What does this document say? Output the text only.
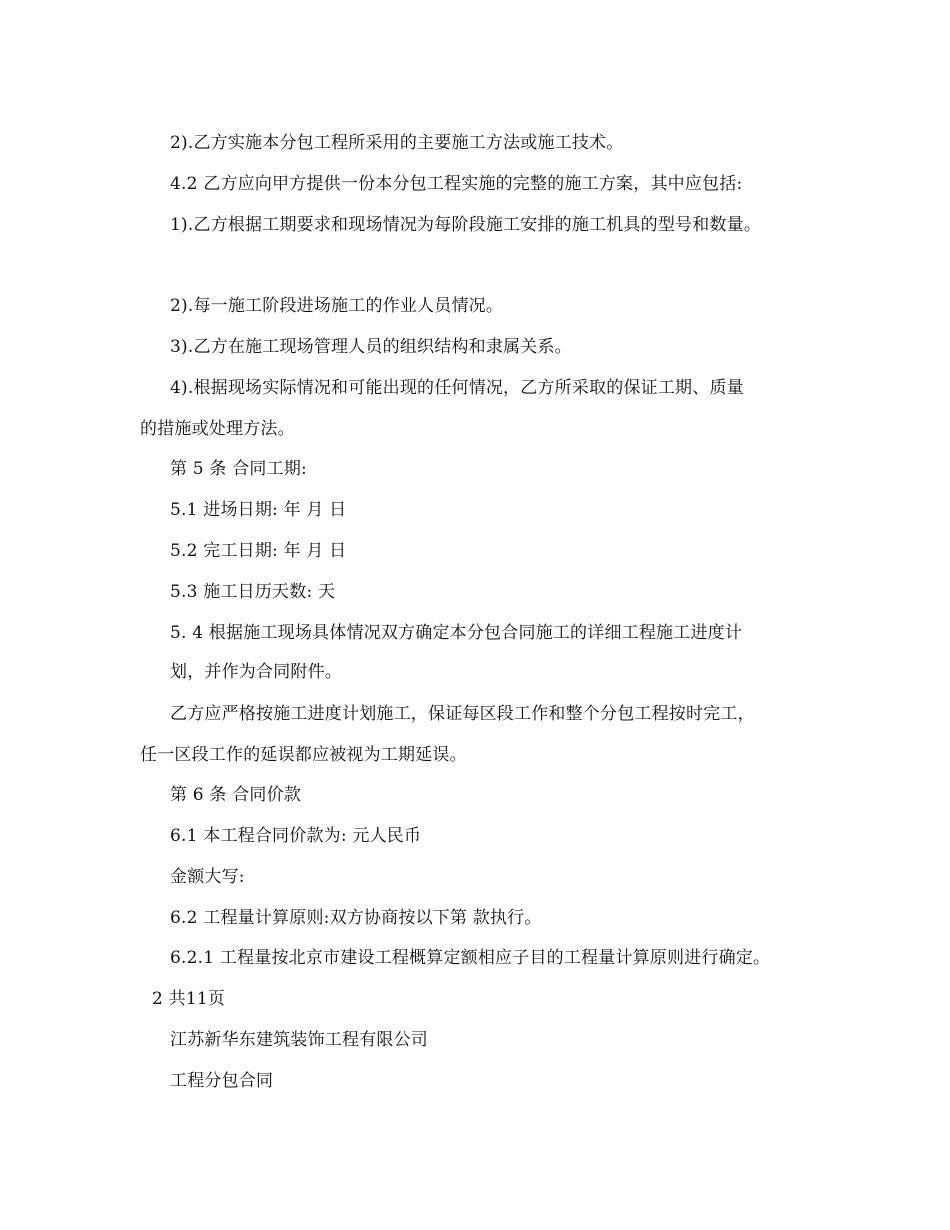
2).乙方实施本分包工程所采用的主要施工方法或施工技术。
4.2 乙方应向甲方提供一份本分包工程实施的完整的施工方案，其中应包括:
1).乙方根据工期要求和现场情况为每阶段施工安排的施工机具的型号和数量。
2).每一施工阶段进场施工的作业人员情况。
3).乙方在施工现场管理人员的组织结构和隶属关系。
4).根据现场实际情况和可能出现的任何情况，乙方所采取的保证工期、质量
的措施或处理方法。
第 5 条 合同工期:
5.1 进场日期: 年 月 日
5.2 完工日期: 年 月 日
5.3 施工日历天数: 天
5. 4 根据施工现场具体情况双方确定本分包合同施工的详细工程施工进度计
划，并作为合同附件。
乙方应严格按施工进度计划施工，保证每区段工作和整个分包工程按时完工，
任一区段工作的延误都应被视为工期延误。
第 6 条 合同价款
6.1 本工程合同价款为: 元人民币
金额大写:
6.2 工程量计算原则:双方协商按以下第 款执行。
6.2.1 工程量按北京市建设工程概算定额相应子目的工程量计算原则进行确定。
2 共11页
江苏新华东建筑装饰工程有限公司
工程分包合同
